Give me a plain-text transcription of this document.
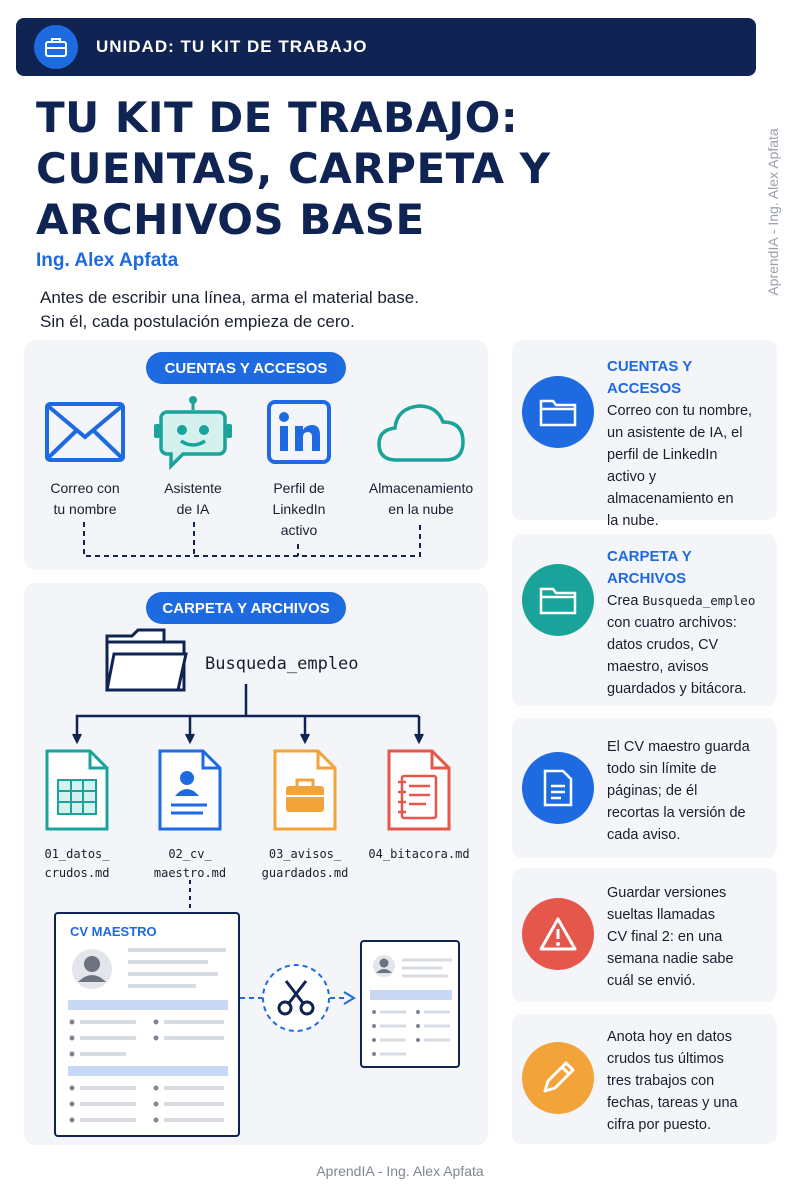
UNIDAD: TU KIT DE TRABAJO
TU KIT DE TRABAJO:
CUENTAS, CARPETA Y
ARCHIVOS BASE
Ing. Alex Apfata
Antes de escribir una línea, arma el material base.
Sin él, cada postulación empieza de cero.
AprendIA - Ing. Alex Apfata
CUENTAS Y ACCESOS
Correo con
tu nombre
Asistente
de IA
Perfil de
LinkedIn
activo
Almacenamiento
en la nube
CARPETA Y ARCHIVOS
Busqueda_empleo
01_datos_
crudos.md
02_cv_
maestro.md
03_avisos_
guardados.md
04_bitacora.md
CV MAESTRO
CUENTAS Y ACCESOS
Correo con tu nombre,
un asistente de IA, el
perfil de LinkedIn
activo y
almacenamiento en
la nube.
CARPETA Y
ARCHIVOS
Crea Busqueda_empleo
con cuatro archivos:
datos crudos, CV
maestro, avisos
guardados y bitácora.
El CV maestro guarda
todo sin límite de
páginas; de él
recortas la versión de
cada aviso.
Guardar versiones
sueltas llamadas
CV final 2: en una
semana nadie sabe
cuál se envió.
Anota hoy en datos
crudos tus últimos
tres trabajos con
fechas, tareas y una
cifra por puesto.
AprendIA - Ing. Alex Apfata
